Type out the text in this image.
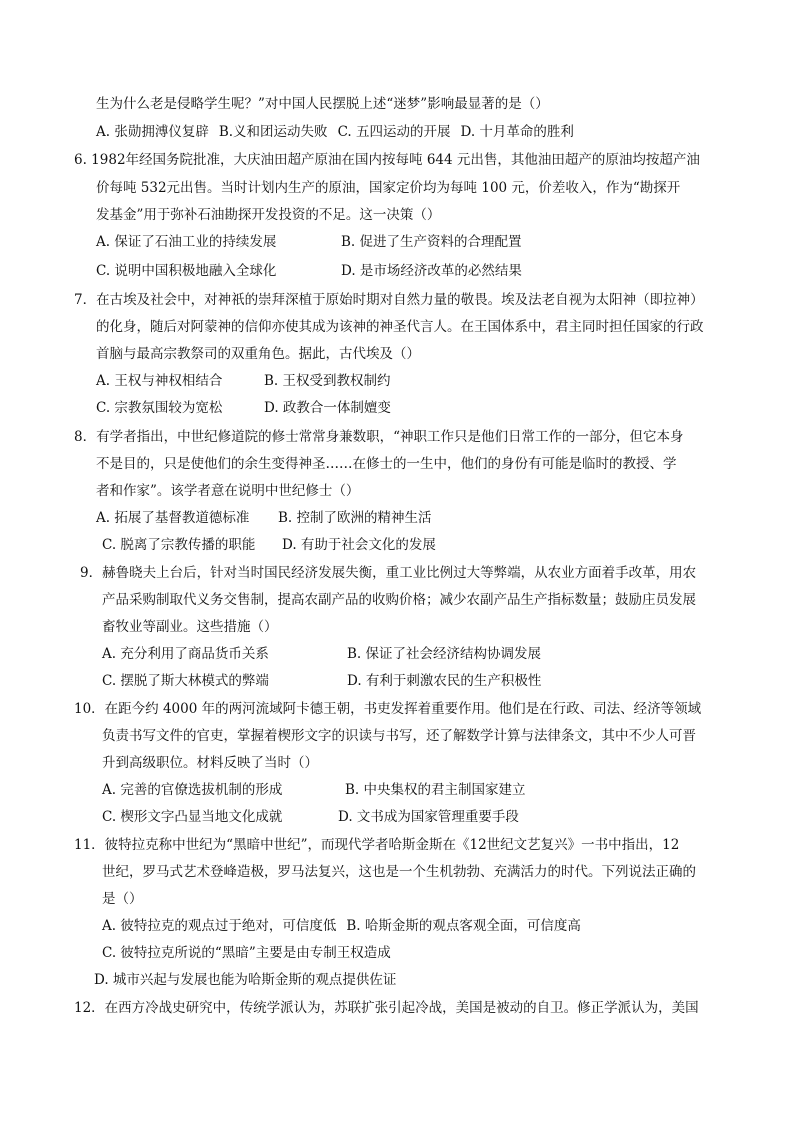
生为什么老是侵略学生呢？”对中国人民摆脱上述“迷梦”影响最显著的是（）
A. 张勋拥溥仪复辟 B.义和团运动失败 C. 五四运动的开展 D. 十月革命的胜利
6. 1982年经国务院批准，大庆油田超产原油在国内按每吨 644 元出售，其他油田超产的原油均按超产油
价每吨 532元出售。当时计划内生产的原油，国家定价均为每吨 100 元，价差收入，作为“勘探开
发基金”用于弥补石油勘探开发投资的不足。这一决策（）
A. 保证了石油工业的持续发展	B. 促进了生产资料的合理配置
C. 说明中国积极地融入全球化	D. 是市场经济改革的必然结果
7．在古埃及社会中，对神祇的崇拜深植于原始时期对自然力量的敬畏。埃及法老自视为太阳神（即拉神）
的化身，随后对阿蒙神的信仰亦使其成为该神的神圣代言人。在王国体系中，君主同时担任国家的行政
首脑与最高宗教祭司的双重角色。据此，古代埃及（）
A. 王权与神权相结合	B. 王权受到教权制约
C. 宗教氛围较为宽松	D. 政教合一体制嬗变
8．有学者指出，中世纪修道院的修士常常身兼数职，“神职工作只是他们日常工作的一部分，但它本身
不是目的，只是使他们的余生变得神圣……在修士的一生中，他们的身份有可能是临时的教授、学
者和作家”。该学者意在说明中世纪修士（）
A. 拓展了基督教道德标准 B. 控制了欧洲的精神生活
C. 脱离了宗教传播的职能 D. 有助于社会文化的发展
9．赫鲁晓夫上台后，针对当时国民经济发展失衡，重工业比例过大等弊端，从农业方面着手改革，用农
产品采购制取代义务交售制，提高农副产品的收购价格；减少农副产品生产指标数量；鼓励庄员发展
畜牧业等副业。这些措施（）
A. 充分利用了商品货币关系	B. 保证了社会经济结构协调发展
C. 摆脱了斯大林模式的弊端	D. 有利于刺激农民的生产积极性
10．在距今约 4000 年的两河流域阿卡德王朝，书吏发挥着重要作用。他们是在行政、司法、经济等领域
负责书写文件的官吏，掌握着楔形文字的识读与书写，还了解数学计算与法律条文，其中不少人可晋
升到高级职位。材料反映了当时（）
A. 完善的官僚选拔机制的形成	B. 中央集权的君主制国家建立
C. 楔形文字凸显当地文化成就	D. 文书成为国家管理重要手段
11．彼特拉克称中世纪为“黑暗中世纪”，而现代学者哈斯金斯在《12世纪文艺复兴》一书中指出，12
世纪，罗马式艺术登峰造极，罗马法复兴，这也是一个生机勃勃、充满活力的时代。下列说法正确的
是（）
A. 彼特拉克的观点过于绝对，可信度低 B. 哈斯金斯的观点客观全面，可信度高
C. 彼特拉克所说的“黑暗”主要是由专制王权造成
D. 城市兴起与发展也能为哈斯金斯的观点提供佐证
12．在西方冷战史研究中，传统学派认为，苏联扩张引起冷战，美国是被动的自卫。修正学派认为，美国
